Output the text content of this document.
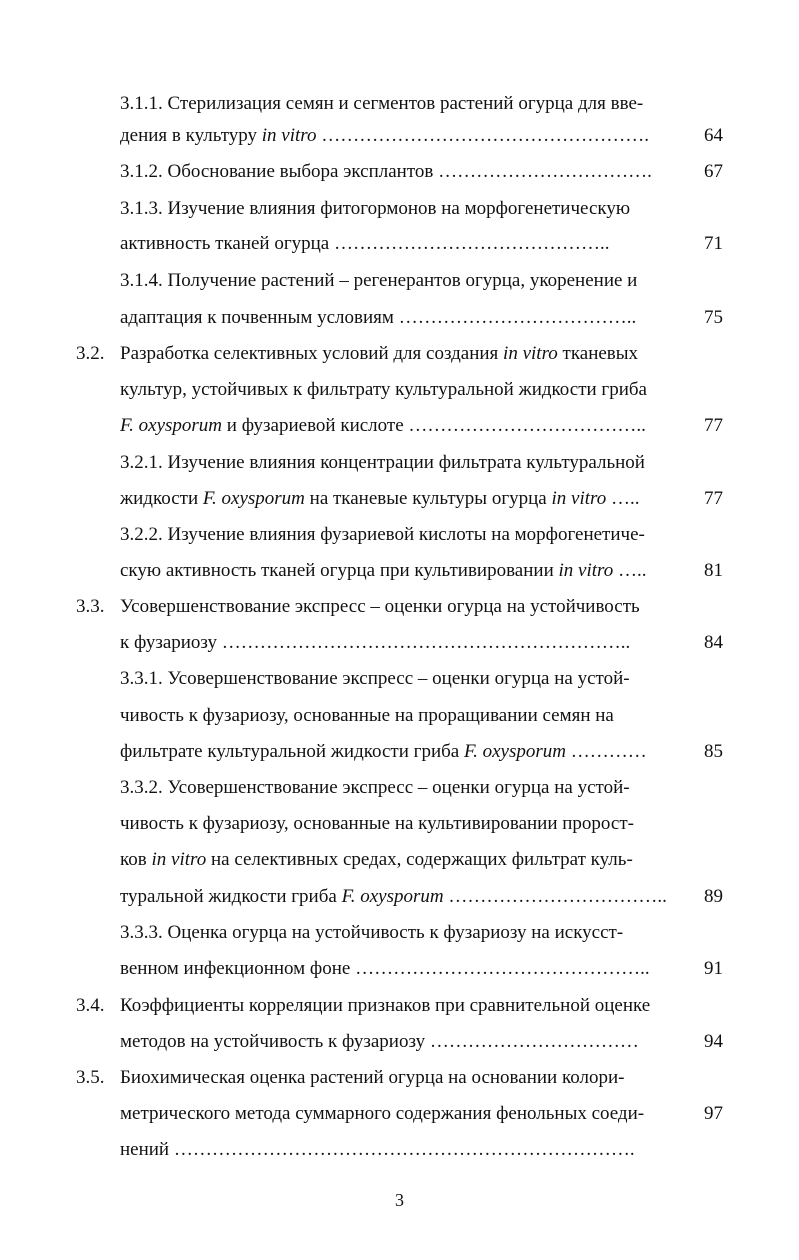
3.1.1. Стерилизация семян и сегментов растений огурца для вве-
дения в культуру in vitro …………………………………………….	64
3.1.2. Обоснование выбора эксплантов …………………………….	67
3.1.3. Изучение влияния фитогормонов на морфогенетическую
активность тканей огурца ……………………………………..	71
3.1.4. Получение растений – регенерантов огурца, укоренение и
адаптация к почвенным условиям ………………………………..	75
3.2. Разработка селективных условий для создания in vitro тканевых
культур, устойчивых к фильтрату культуральной жидкости гриба
F. oxysporum и фузариевой кислоте ………………………………..	77
3.2.1. Изучение влияния концентрации фильтрата культуральной
жидкости F. oxysporum на тканевые культуры огурца in vitro …..	77
3.2.2. Изучение влияния фузариевой кислоты на морфогенетиче-
скую активность тканей огурца при культивировании in vitro …..	81
3.3. Усовершенствование экспресс – оценки огурца на устойчивость
к фузариозу ………………………………………………………..	84
3.3.1. Усовершенствование экспресс – оценки огурца на устой-
чивость к фузариозу, основанные на проращивании семян на
фильтрате культуральной жидкости гриба F. oxysporum …………	85
3.3.2. Усовершенствование экспресс – оценки огурца на устой-
чивость к фузариозу, основанные на культивировании пророст-
ков in vitro на селективных средах, содержащих фильтрат куль-
туральной жидкости гриба F. oxysporum …………………………….. 89
3.3.3. Оценка огурца на устойчивость к фузариозу на искусст-
венном инфекционном фоне ………………………………………..	91
3.4. Коэффициенты корреляции признаков при сравнительной оценке
методов на устойчивость к фузариозу ……………………………	94
3.5. Биохимическая оценка растений огурца на основании колори-
метрического метода суммарного содержания фенольных соеди-	97
нений ……………………………………………………………….
3
